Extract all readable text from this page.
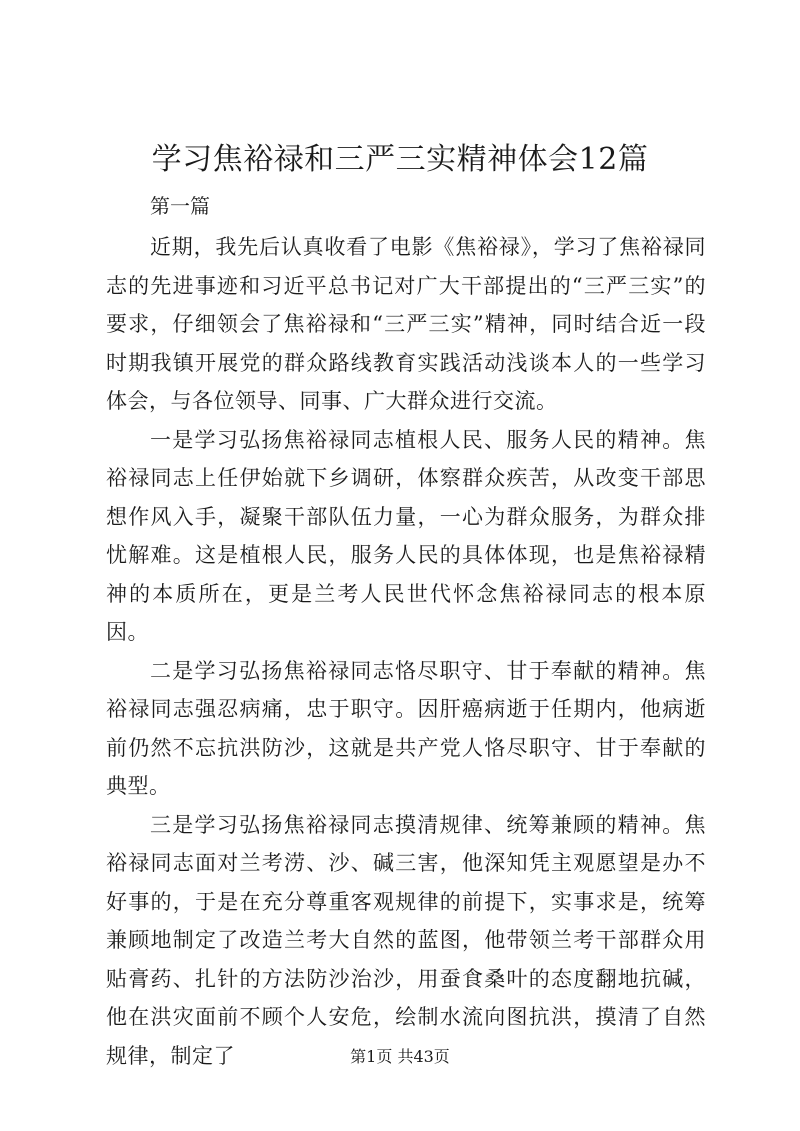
学习焦裕禄和三严三实精神体会12篇
第一篇

近期，我先后认真收看了电影《焦裕禄》，学习了焦裕禄同志的先进事迹和习近平总书记对广大干部提出的“三严三实”的要求，仔细领会了焦裕禄和“三严三实”精神，同时结合近一段时期我镇开展党的群众路线教育实践活动浅谈本人的一些学习体会，与各位领导、同事、广大群众进行交流。

一是学习弘扬焦裕禄同志植根人民、服务人民的精神。焦裕禄同志上任伊始就下乡调研，体察群众疾苦，从改变干部思想作风入手，凝聚干部队伍力量，一心为群众服务，为群众排忧解难。这是植根人民，服务人民的具体体现，也是焦裕禄精神的本质所在，更是兰考人民世代怀念焦裕禄同志的根本原因。

二是学习弘扬焦裕禄同志恪尽职守、甘于奉献的精神。焦裕禄同志强忍病痛，忠于职守。因肝癌病逝于任期内，他病逝前仍然不忘抗洪防沙，这就是共产党人恪尽职守、甘于奉献的典型。

三是学习弘扬焦裕禄同志摸清规律、统筹兼顾的精神。焦裕禄同志面对兰考涝、沙、碱三害，他深知凭主观愿望是办不好事的，于是在充分尊重客观规律的前提下，实事求是，统筹兼顾地制定了改造兰考大自然的蓝图，他带领兰考干部群众用贴膏药、扎针的方法防沙治沙，用蚕食桑叶的态度翻地抗碱，他在洪灾面前不顾个人安危，绘制水流向图抗洪，摸清了自然规律，制定了	第1页 共43页
